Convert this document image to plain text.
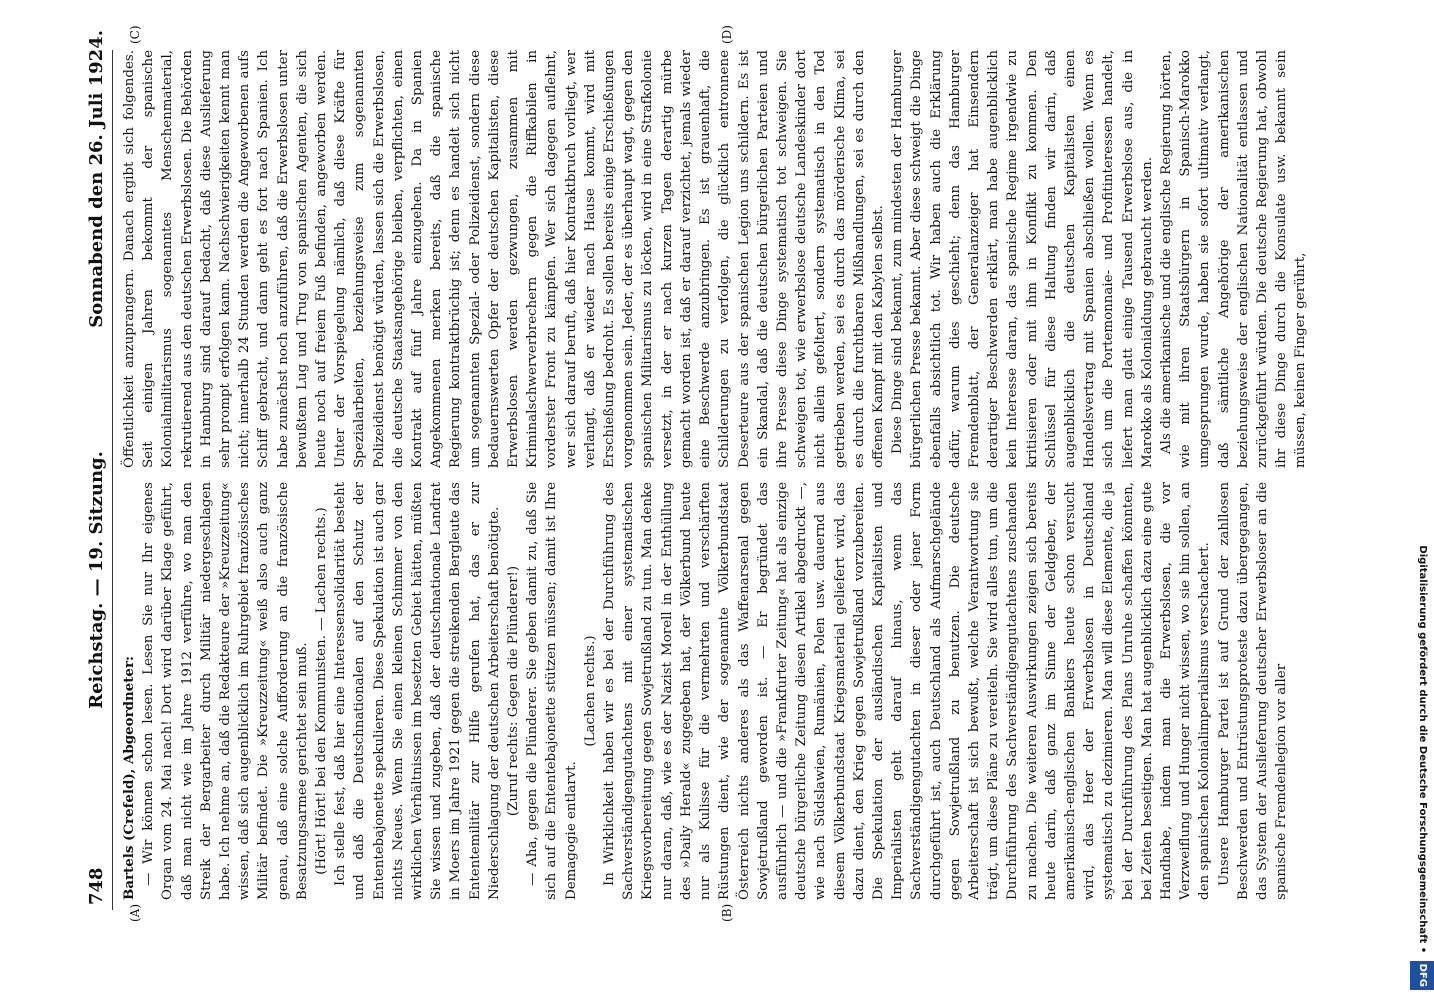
748
Reichstag. — 19. Sitzung.
Sonnabend den 26. Juli 1924.
(A)	(B)
(C)	(D)

Bartels (Crefeld), Abgeordneter: — Wir können schon lesen. Lesen Sie nur Ihr eigenes Organ vom 24. Mai nach! Dort wird darüber Klage geführt, daß man nicht wie im Jahre 1912 verführe, wo man den Streik der Bergarbeiter durch Militär niedergeschlagen habe. Ich nehme an, daß die Redakteure der »Kreuzzeitung« wissen, daß sich augenblicklich im Ruhrgebiet französisches Militär befindet. Die »Kreuzzeitung« weiß also auch ganz genau, daß eine solche Aufforderung an die französische Besatzungsarmee gerichtet sein muß. (Hört! Hört! bei den Kommunisten. — Lachen rechts.) Ich stelle fest, daß hier eine Interessensolidarität besteht und daß die Deutschnationalen auf den Schutz der Ententebajonette spekulieren. Diese Spekulation ist auch gar nichts Neues. Wenn Sie einen kleinen Schimmer von den wirklichen Verhältnissen im besetzten Gebiet hätten, müßten Sie wissen und zugeben, daß der deutschnationale Landrat in Moers im Jahre 1921 gegen die streikenden Bergleute das Ententemilitär zur Hilfe gerufen hat, das er zur Niederschlagung der deutschen Arbeiterschaft benötigte. (Zuruf rechts: Gegen die Plünderer!) — Aha, gegen die Plünderer. Sie geben damit zu, daß Sie sich auf die Ententebajonette stützen müssen; damit ist Ihre Demagogie entlarvt.

(Lachen rechts.) In Wirklichkeit haben wir es bei der Durchführung des Sachverständigengutachtens mit einer systematischen Kriegsvorbereitung gegen Sowjetrußland zu tun. Man denke nur daran, daß, wie es der Nazist Morell in der Enthüllung des »Daily Herald« zugegeben hat, der Völkerbund heute nur als Kulisse für die vermehrten und verschärften Rüstungen dient, wie der sogenannte Völkerbundstaat Österreich nichts anderes als das Waffenarsenal gegen Sowjetrußland geworden ist. — Er begründet das ausführlich — und die »Frankfurter Zeitung« hat als einzige deutsche bürgerliche Zeitung diesen Artikel abgedruckt —, wie nach Südslawien, Rumänien, Polen usw. dauernd aus diesem Völkerbundstaat Kriegsmaterial geliefert wird, das dazu dient, den Krieg gegen Sowjetrußland vorzubereiten. Die Spekulation der ausländischen Kapitalisten und Imperialisten geht darauf hinaus, wenn das Sachverständigengutachten in dieser oder jener Form durchgeführt ist, auch Deutschland als Aufmarschgelände gegen Sowjetrußland zu benutzen. Die deutsche Arbeiterschaft ist sich bewußt, welche Verantwortung sie trägt, um diese Pläne zu vereiteln. Sie wird alles tun, um die Durchführung des Sachverständigengutachtens zuschanden zu machen. Die weiteren Auswirkungen zeigen sich bereits heute darin, daß ganz im Sinne der Geldgeber, der amerikanisch-englischen Bankiers heute schon versucht wird, das Heer der Erwerbslosen in Deutschland systematisch zu dezimieren. Man will diese Elemente, die ja bei der Durchführung des Plans Unruhe schaffen könnten, bei Zeiten beseitigen. Man hat augenblicklich dazu eine gute Handhabe, indem man die Erwerbslosen, die vor Verzweiflung und Hunger nicht wissen, wo sie hin sollen, an den spanischen Kolonialimperialismus verschachert. Unsere Hamburger Partei ist auf Grund der zahllosen Beschwerden und Entrüstungsproteste dazu übergegangen, das System der Auslieferung deutscher Erwerbsloser an die spanische Fremdenlegion vor aller

Öffentlichkeit anzuprangern. Danach ergibt sich folgendes. Seit einigen Jahren bekommt der spanische Kolonialmilitarismus sogenanntes Menschenmaterial, rekrutierend aus den deutschen Erwerbslosen. Die Behörden in Hamburg sind darauf bedacht, daß diese Auslieferung sehr prompt erfolgen kann. Nachschwierigkeiten kennt man nicht; innerhalb 24 Stunden werden die Angeworbenen aufs Schiff gebracht, und dann geht es fort nach Spanien. Ich habe zunächst noch anzuführen, daß die Erwerbslosen unter bewußtem Lug und Trug von spanischen Agenten, die sich heute noch auf freiem Fuß befinden, angeworben werden. Unter der Vorspiegelung nämlich, daß diese Kräfte für Spezialarbeiten, beziehungsweise zum sogenannten Polizeidienst benötigt würden, lassen sich die Erwerbslosen, die deutsche Staatsangehörige bleiben, verpflichten, einen Kontrakt auf fünf Jahre einzugehen. Da in Spanien Angekommenen merken bereits, daß die spanische Regierung kontraktbrüchig ist; denn es handelt sich nicht um sogenannten Spezial- oder Polizeidienst, sondern diese bedauernswerten Opfer der deutschen Kapitalisten, diese Erwerbslosen werden gezwungen, zusammen mit Kriminalschwerverbrechern gegen die Riffkabilen in vorderster Front zu kämpfen. Wer sich dagegen auflehnt, wer sich darauf beruft, daß hier Kontraktbruch vorliegt, wer verlangt, daß er wieder nach Hause kommt, wird mit Erschießung bedroht. Es sollen bereits einige Erschießungen vorgenommen sein. Jeder, der es überhaupt wagt, gegen den spanischen Militarismus zu löcken, wird in eine Strafkolonie versetzt, in der er nach kurzen Tagen derartig mürbe gemacht worden ist, daß er darauf verzichtet, jemals wieder eine Beschwerde anzubringen. Es ist grauenhaft, die Schilderungen zu verfolgen, die glücklich entronnene Deserteure aus der spanischen Legion uns schildern. Es ist ein Skandal, daß die deutschen bürgerlichen Parteien und ihre Presse diese Dinge systematisch tot schweigen. Sie schweigen tot, wie erwerbslose deutsche Landeskinder dort nicht allein gefoltert, sondern systematisch in den Tod getrieben werden, sei es durch das mörderische Klima, sei es durch die furchtbaren Mißhandlungen, sei es durch den offenen Kampf mit den Kabylen selbst. Diese Dinge sind bekannt, zum mindesten der Hamburger bürgerlichen Presse bekannt. Aber diese schweigt die Dinge ebenfalls absichtlich tot. Wir haben auch die Erklärung dafür, warum dies geschieht; denn das Hamburger Fremdenblatt, der Generalanzeiger hat Einsendern derartiger Beschwerden erklärt, man habe augenblicklich kein Interesse daran, das spanische Regime irgendwie zu kritisieren oder mit ihm in Konflikt zu kommen. Den Schlüssel für diese Haltung finden wir darin, daß augenblicklich die deutschen Kapitalisten einen Handelsvertrag mit Spanien abschließen wollen. Wenn es sich um die Portemonnaie- und Profitinteressen handelt, liefert man glatt einige Tausend Erwerbslose aus, die in Marokko als Kolonialdung gebraucht werden. Als die amerikanische und die englische Regierung hörten, wie mit ihren Staatsbürgern in Spanisch-Marokko umgesprungen wurde, haben sie sofort ultimativ verlangt, daß sämtliche Angehörige der amerikanischen beziehungsweise der englischen Nationalität entlassen und zurückgeführt würden. Die deutsche Regierung hat, obwohl ihr diese Dinge durch die Konsulate usw. bekannt sein müssen, keinen Finger gerührt,

Digitalisierung gefördert durch die Deutsche Forschungsgemeinschaft • DFG
